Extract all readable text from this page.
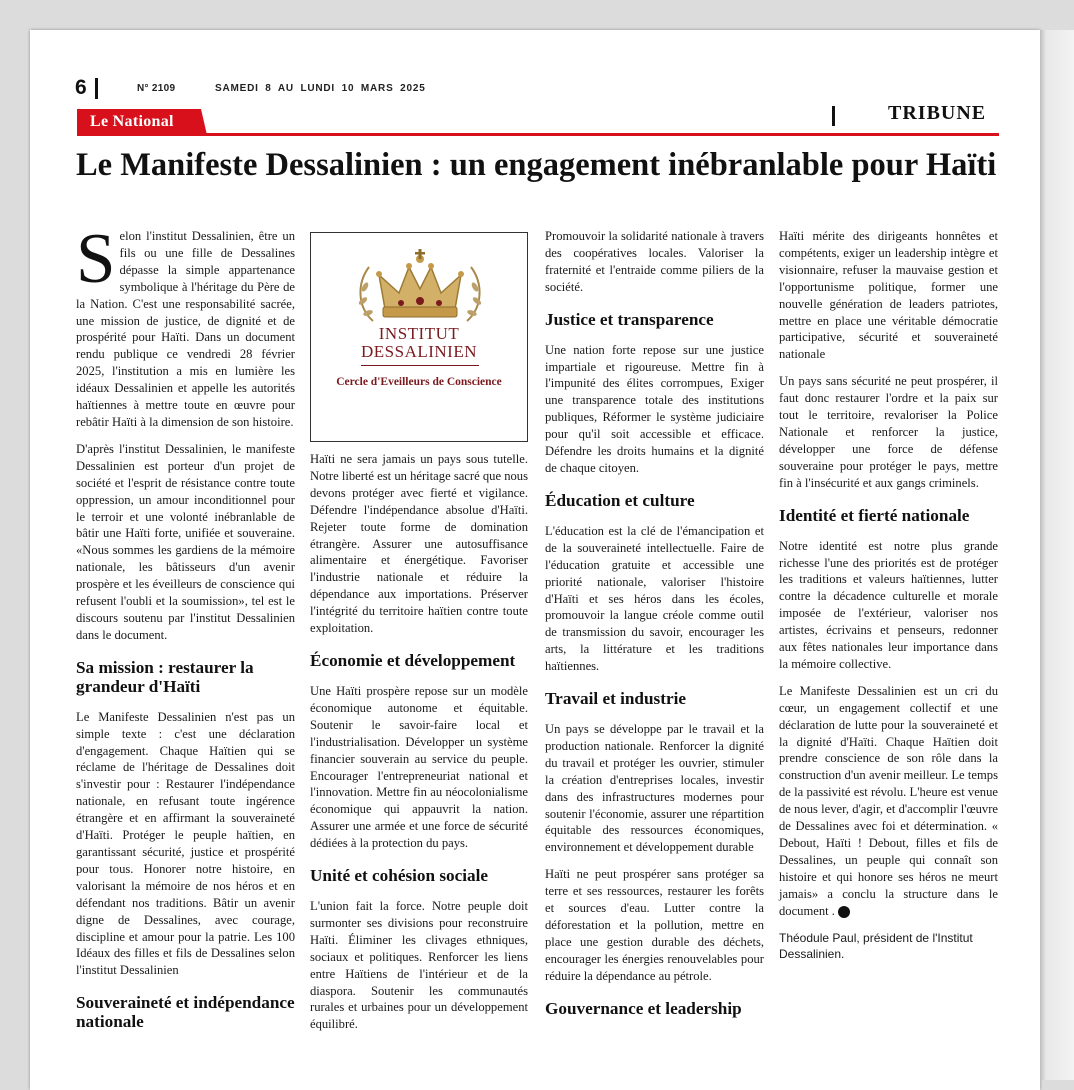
6	N° 2109	SAMEDI 8 AU LUNDI 10 MARS 2025
Le National	TRIBUNE
Le Manifeste Dessalinien : un engagement inébranlable pour Haïti

Selon l'institut Dessalinien, être un fils ou une fille de Dessalines dépasse la simple appartenance symbolique à l'héritage du Père de la Nation. C'est une responsabilité sacrée, une mission de justice, de dignité et de prospérité pour Haïti. Dans un document rendu publique ce vendredi 28 février 2025, l'institution a mis en lumière les idéaux Dessalinien et appelle les autorités haïtiennes à mettre toute en œuvre pour rebâtir Haïti à la dimension de son histoire.

D'après l'institut Dessalinien, le manifeste Dessalinien est porteur d'un projet de société et l'esprit de résistance contre toute oppression, un amour inconditionnel pour le terroir et une volonté inébranlable de bâtir une Haïti forte, unifiée et souveraine. «Nous sommes les gardiens de la mémoire nationale, les bâtisseurs d'un avenir prospère et les éveilleurs de conscience qui refusent l'oubli et la soumission», tel est le discours soutenu par l'institut Dessalinien dans le document.

Sa mission : restaurer la grandeur d'Haïti

Le Manifeste Dessalinien n'est pas un simple texte : c'est une déclaration d'engagement. Chaque Haïtien qui se réclame de l'héritage de Dessalines doit s'investir pour : Restaurer l'indépendance nationale, en refusant toute ingérence étrangère et en affirmant la souveraineté d'Haïti. Protéger le peuple haïtien, en garantissant sécurité, justice et prospérité pour tous. Honorer notre histoire, en valorisant la mémoire de nos héros et en défendant nos traditions. Bâtir un avenir digne de Dessalines, avec courage, discipline et amour pour la patrie. Les 100 Idéaux des filles et fils de Dessalines selon l'institut Dessalinien

Souveraineté et indépendance nationale
INSTITUT
DESSALINIEN
Cercle d'Eveilleurs de Conscience

Haïti ne sera jamais un pays sous tutelle. Notre liberté est un héritage sacré que nous devons protéger avec fierté et vigilance. Défendre l'indépendance absolue d'Haïti. Rejeter toute forme de domination étrangère. Assurer une autosuffisance alimentaire et énergétique. Favoriser l'industrie nationale et réduire la dépendance aux importations. Préserver l'intégrité du territoire haïtien contre toute exploitation.

Économie et développement

Une Haïti prospère repose sur un modèle économique autonome et équitable. Soutenir le savoir-faire local et l'industrialisation. Développer un système financier souverain au service du peuple. Encourager l'entrepreneuriat national et l'innovation. Mettre fin au néocolonialisme économique qui appauvrit la nation. Assurer une armée et une force de sécurité dédiées à la protection du pays.

Unité et cohésion sociale

L'union fait la force. Notre peuple doit surmonter ses divisions pour reconstruire Haïti. Éliminer les clivages ethniques, sociaux et politiques. Renforcer les liens entre Haïtiens de l'intérieur et de la diaspora. Soutenir les communautés rurales et urbaines pour un développement équilibré.

Promouvoir la solidarité nationale à travers des coopératives locales. Valoriser la fraternité et l'entraide comme piliers de la société.

Justice et transparence

Une nation forte repose sur une justice impartiale et rigoureuse. Mettre fin à l'impunité des élites corrompues, Exiger une transparence totale des institutions publiques, Réformer le système judiciaire pour qu'il soit accessible et efficace. Défendre les droits humains et la dignité de chaque citoyen.

Éducation et culture

L'éducation est la clé de l'émancipation et de la souveraineté intellectuelle. Faire de l'éducation gratuite et accessible une priorité nationale, valoriser l'histoire d'Haïti et ses héros dans les écoles, promouvoir la langue créole comme outil de transmission du savoir, encourager les arts, la littérature et les traditions haïtiennes.

Travail et industrie

Un pays se développe par le travail et la production nationale. Renforcer la dignité du travail et protéger les ouvrier, stimuler la création d'entreprises locales, investir dans des infrastructures modernes pour soutenir l'économie, assurer une répartition équitable des ressources économiques, environnement et développement durable

Haïti ne peut prospérer sans protéger sa terre et ses ressources, restaurer les forêts et sources d'eau. Lutter contre la déforestation et la pollution, mettre en place une gestion durable des déchets, encourager les énergies renouvelables pour réduire la dépendance au pétrole.

Gouvernance et leadership

Haïti mérite des dirigeants honnêtes et compétents, exiger un leadership intègre et visionnaire, refuser la mauvaise gestion et l'opportunisme politique, former une nouvelle génération de leaders patriotes, mettre en place une véritable démocratie participative, sécurité et souveraineté nationale

Un pays sans sécurité ne peut prospérer, il faut donc restaurer l'ordre et la paix sur tout le territoire, revaloriser la Police Nationale et renforcer la justice, développer une force de défense souveraine pour protéger le pays, mettre fin à l'insécurité et aux gangs criminels.

Identité et fierté nationale

Notre identité est notre plus grande richesse l'une des priorités est de protéger les traditions et valeurs haïtiennes, lutter contre la décadence culturelle et morale imposée de l'extérieur, valoriser nos artistes, écrivains et penseurs, redonner aux fêtes nationales leur importance dans la mémoire collective.

Le Manifeste Dessalinien est un cri du cœur, un engagement collectif et une déclaration de lutte pour la souveraineté et la dignité d'Haïti. Chaque Haïtien doit prendre conscience de son rôle dans la construction d'un avenir meilleur. Le temps de la passivité est révolu. L'heure est venue de nous lever, d'agir, et d'accomplir l'œuvre de Dessalines avec foi et détermination. « Debout, Haïti ! Debout, filles et fils de Dessalines, un peuple qui connaît son histoire et qui honore ses héros ne meurt jamais» a conclu la structure dans le document .

Théodule Paul, président de l'Institut Dessalinien.
